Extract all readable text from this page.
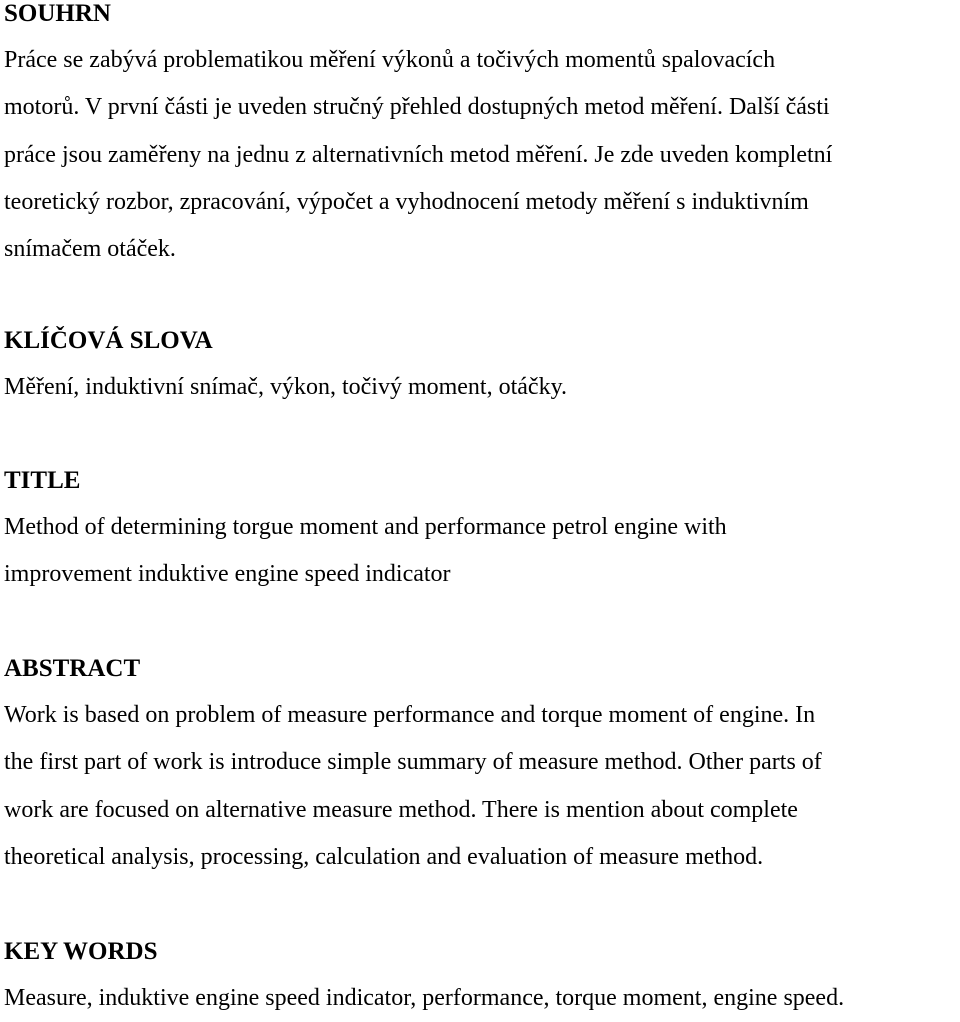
SOUHRN

Práce se zabývá problematikou měření výkonů a točivých momentů spalovacích
motorů. V první části je uveden stručný přehled dostupných metod měření. Další části
práce jsou zaměřeny na jednu z alternativních metod měření. Je zde uveden kompletní
teoretický rozbor, zpracování, výpočet a vyhodnocení metody měření s induktivním
snímačem otáček.

KLÍČOVÁ SLOVA

Měření, induktivní snímač, výkon, točivý moment, otáčky.

TITLE

Method of determining torgue moment and performance petrol engine with
improvement induktive engine speed indicator

ABSTRACT

Work is based on problem of measure performance and torque moment of engine. In
the first part of work is introduce simple summary of measure method. Other parts of
work are focused on alternative measure method. There is mention about complete
theoretical analysis, processing, calculation and evaluation of measure method.

KEY WORDS

Measure, induktive engine speed indicator, performance, torque moment, engine speed.
